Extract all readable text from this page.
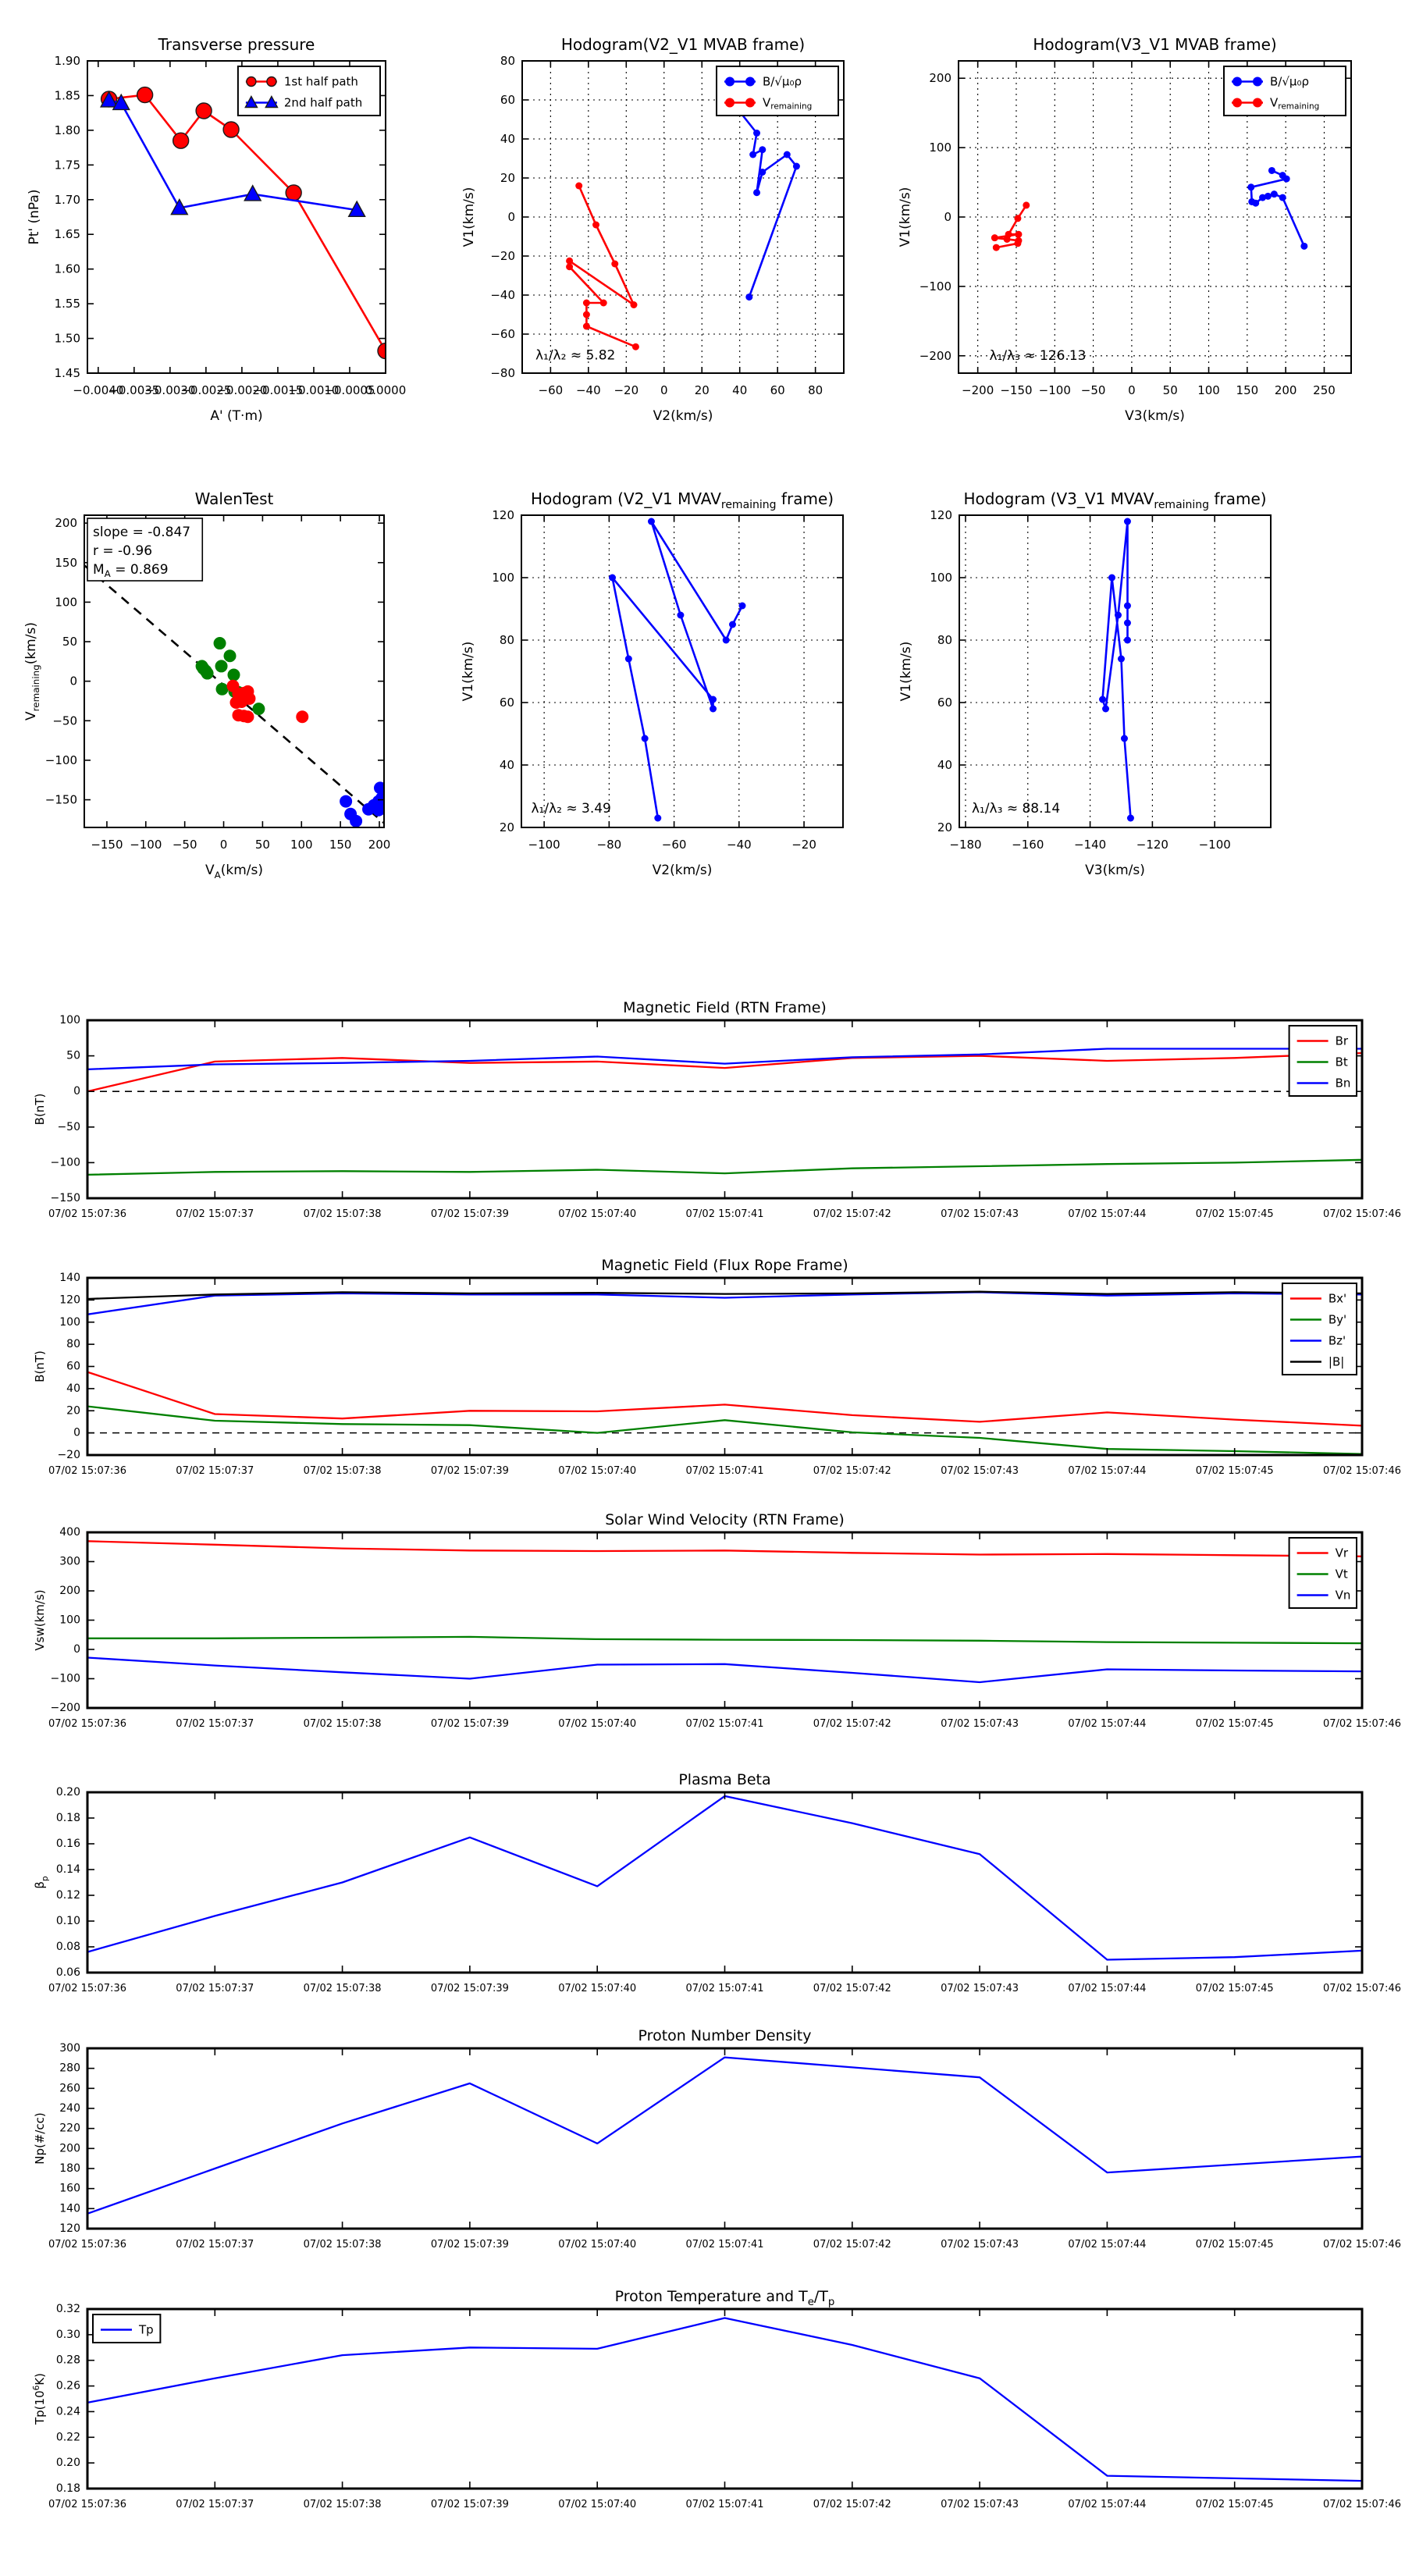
−0.0040
−0.0035
−0.0030
−0.0025
−0.0020
−0.0015
−0.0010
−0.0005
0.0000
1.45
1.50
1.55
1.60
1.65
1.70
1.75
1.80
1.85
1.90
A' (T·m)
Pt' (nPa)
Transverse pressure
1st half path
2nd half path
−60 −40 −20 0 20 40 60 80
−80
−60
−40
−20
0
20
40
60
80
V2(km/s)
V1(km/s)
Hodogram(V2_V1 MVAB frame)
λ₁/λ₂ ≈ 5.82
B/√μ₀ρ
$V_{remaining}$
−200 −150 −100 −50 0 50 100 150 200 250
−200
−100
0
100
200
V3(km/s)
V1(km/s)
Hodogram(V3_V1 MVAB frame)
λ₁/λ₃ ≈ 126.13
B/√μ₀ρ
$V_{remaining}$
−150 −100 −50 0 50 100 150 200
−150
−100
−50
0
50
100
150
200
$V_A(km/s)$
$V_{remaining}(km/s)$
WalenTest
slope = -0.847
r = -0.96
$M_A = 0.869$
−100	−80	−60	−40	−20
20
40
60
80
100
120
V2(km/s)
V1(km/s)
Hodogram (V2_V1 $MVAV_{remaining}$ frame)
λ₁/λ₂ ≈ 3.49
−180	−160	−140	−120	−100
20
40
60
80
100
120
V3(km/s)
V1(km/s)
Hodogram (V3_V1 $MVAV_{remaining}$ frame)
λ₁/λ₃ ≈ 88.14
07/02 15:07:36	07/02 15:07:37	07/02 15:07:38	07/02 15:07:39	07/02 15:07:40	07/02 15:07:41	07/02 15:07:42	07/02 15:07:43	07/02 15:07:44	07/02 15:07:45	07/02 15:07:46
−150
−100
−50
0
50
100
B(nT)
Magnetic Field (RTN Frame)
Br
Bt
Bn
07/02 15:07:36	07/02 15:07:37	07/02 15:07:38	07/02 15:07:39	07/02 15:07:40	07/02 15:07:41	07/02 15:07:42	07/02 15:07:43	07/02 15:07:44	07/02 15:07:45	07/02 15:07:46
−20
0
20
40
60
80
100
120
140
B(nT)
Magnetic Field (Flux Rope Frame)
Bx'
By'
Bz'
|B|
07/02 15:07:36	07/02 15:07:37	07/02 15:07:38	07/02 15:07:39	07/02 15:07:40	07/02 15:07:41	07/02 15:07:42	07/02 15:07:43	07/02 15:07:44	07/02 15:07:45	07/02 15:07:46
−200
−100
0
100
200
300
400
Vsw(km/s)
Solar Wind Velocity (RTN Frame)
Vr
Vt
Vn
07/02 15:07:36	07/02 15:07:37	07/02 15:07:38	07/02 15:07:39	07/02 15:07:40	07/02 15:07:41	07/02 15:07:42	07/02 15:07:43	07/02 15:07:44	07/02 15:07:45	07/02 15:07:46
0.06
0.08
0.10
0.12
0.14
0.16
0.18
0.20
$\beta_p$
Plasma Beta
07/02 15:07:36	07/02 15:07:37	07/02 15:07:38	07/02 15:07:39	07/02 15:07:40	07/02 15:07:41	07/02 15:07:42	07/02 15:07:43	07/02 15:07:44	07/02 15:07:45	07/02 15:07:46
120
140
160
180
200
220
240
260
280
300
Np(#/cc)
Proton Number Density
07/02 15:07:36	07/02 15:07:37	07/02 15:07:38	07/02 15:07:39	07/02 15:07:40	07/02 15:07:41	07/02 15:07:42	07/02 15:07:43	07/02 15:07:44	07/02 15:07:45	07/02 15:07:46
0.18
0.20
0.22
0.24
0.26
0.28
0.30
0.32
$Tp(10^6K)$
Proton Temperature and $T_e/T_p$
Tp
